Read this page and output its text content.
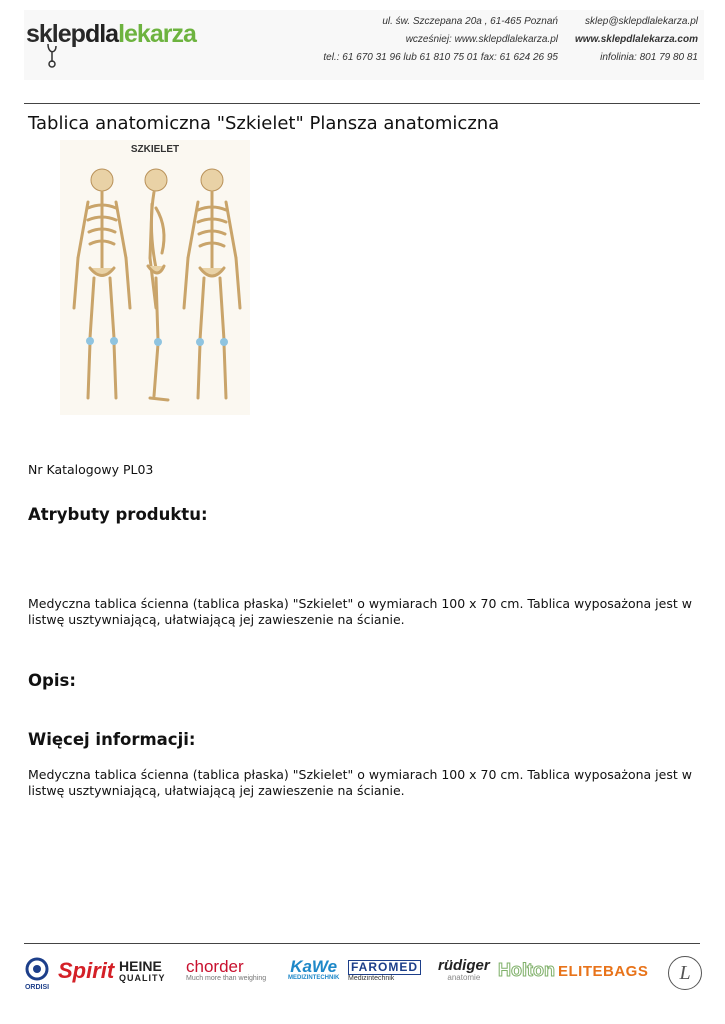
sklepdlalekarza	ul. św. Szczepana 20a , 61-465 Poznań
wcześniej: www.sklepdlalekarza.pl
tel.: 61 670 31 96 lub 61 810 75 01 fax: 61 624 26 95
sklep@sklepdlalekarza.pl
www.sklepdlalekarza.com
infolinia: 801 79 80 81
Tablica anatomiczna "Szkielet" Plansza anatomiczna
SZKIELET
Nr Katalogowy PL03
Atrybuty produktu:
Medyczna tablica ścienna (tablica płaska) "Szkielet" o wymiarach 100 x 70 cm. Tablica wyposażona jest w listwę usztywniającą, ułatwiającą jej zawieszenie na ścianie.
Opis:
Więcej informacji:
Medyczna tablica ścienna (tablica płaska) "Szkielet" o wymiarach 100 x 70 cm. Tablica wyposażona jest w listwę usztywniającą, ułatwiającą jej zawieszenie na ścianie.
ORDISI
Spirit HEINE
QUALITY
chorder
Much more than weighing
KaWe
MEDIZINTECHNIK
FAROMED
Medizintechnik
rüdiger
anatomie Holton ELITEBAGS	L
